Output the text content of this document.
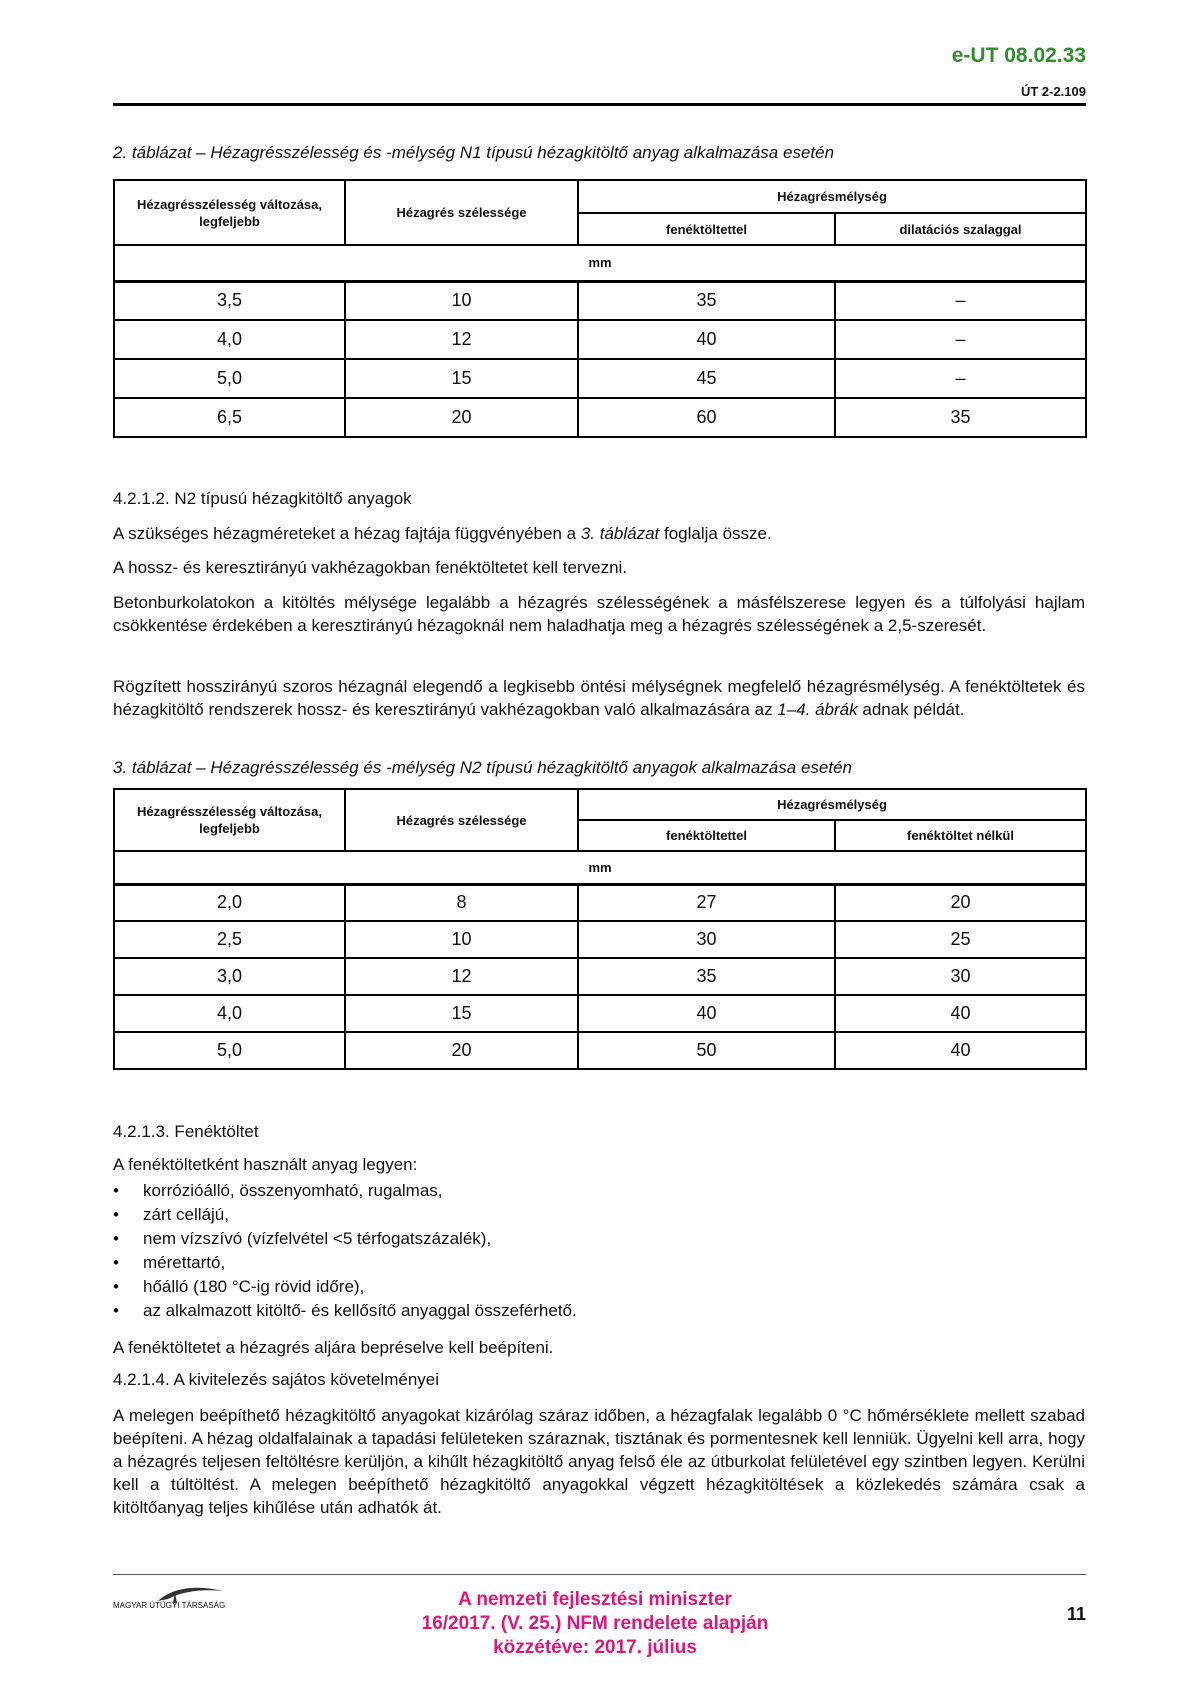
e-UT 08.02.33
ÚT 2-2.109
2. táblázat – Hézagrésszélesség és -mélység N1 típusú hézagkitöltő anyag alkalmazása esetén
Hézagrésszélesség változása, legfeljebb	Hézagrés szélessége	Hézagrésmélység	
		fenéktöltettel	dilatációs szalaggal
mm			
3,5	10	35	–
4,0	12	40	–
5,0	15	45	–
6,5	20	60	35
4.2.1.2. N2 típusú hézagkitöltő anyagok
A szükséges hézagméreteket a hézag fajtája függvényében a 3. táblázat foglalja össze.
A hossz- és keresztirányú vakhézagokban fenéktöltetet kell tervezni.
Betonburkolatokon a kitöltés mélysége legalább a hézagrés szélességének a másfélszerese legyen és a túlfolyási hajlam csökkentése érdekében a keresztirányú hézagoknál nem haladhatja meg a hézagrés szélességének a 2,5-szeresét.
Rögzített hosszirányú szoros hézagnál elegendő a legkisebb öntési mélységnek megfelelő hézagrésmélység. A fenéktöltetek és hézagkitöltő rendszerek hossz- és keresztirányú vakhézagokban való alkalmazására az 1–4. ábrák adnak példát.
3. táblázat – Hézagrésszélesség és -mélység N2 típusú hézagkitöltő anyagok alkalmazása esetén
Hézagrésszélesség változása, legfeljebb	Hézagrés szélessége	Hézagrésmélység	
		fenéktöltettel	fenéktöltet nélkül
mm			
2,0	8	27	20
2,5	10	30	25
3,0	12	35	30
4,0	15	40	40
5,0	20	50	40
4.2.1.3. Fenéktöltet
A fenéktöltetként használt anyag legyen:
• korrózióálló, összenyomható, rugalmas,
• zárt cellájú,
• nem vízszívó (vízfelvétel <5 térfogatszázalék),
• mérettartó,
• hőálló (180 °C-ig rövid időre),
• az alkalmazott kitöltő- és kellősítő anyaggal összeférhető.
A fenéktöltetet a hézagrés aljára bepréselve kell beépíteni.
4.2.1.4. A kivitelezés sajátos követelményei
A melegen beépíthető hézagkitöltő anyagokat kizárólag száraz időben, a hézagfalak legalább 0 °C hőmérséklete mellett szabad beépíteni. A hézag oldalfalainak a tapadási felületeken száraznak, tisztának és pormentesnek kell lenniük. Ügyelni kell arra, hogy a hézagrés teljesen feltöltésre kerüljön, a kihűlt hézagkitöltő anyag felső éle az útburkolat felületével egy szintben legyen. Kerülni kell a túltöltést. A melegen beépíthető hézagkitöltő anyagokkal végzett hézagkitöltések a közlekedés számára csak a kitöltőanyag teljes kihűlése után adhatók át.
MAGYAR ÚTÜGYI TÁRSASÁG	A nemzeti fejlesztési miniszter
16/2017. (V. 25.) NFM rendelete alapján
közzétéve: 2017. július
11
